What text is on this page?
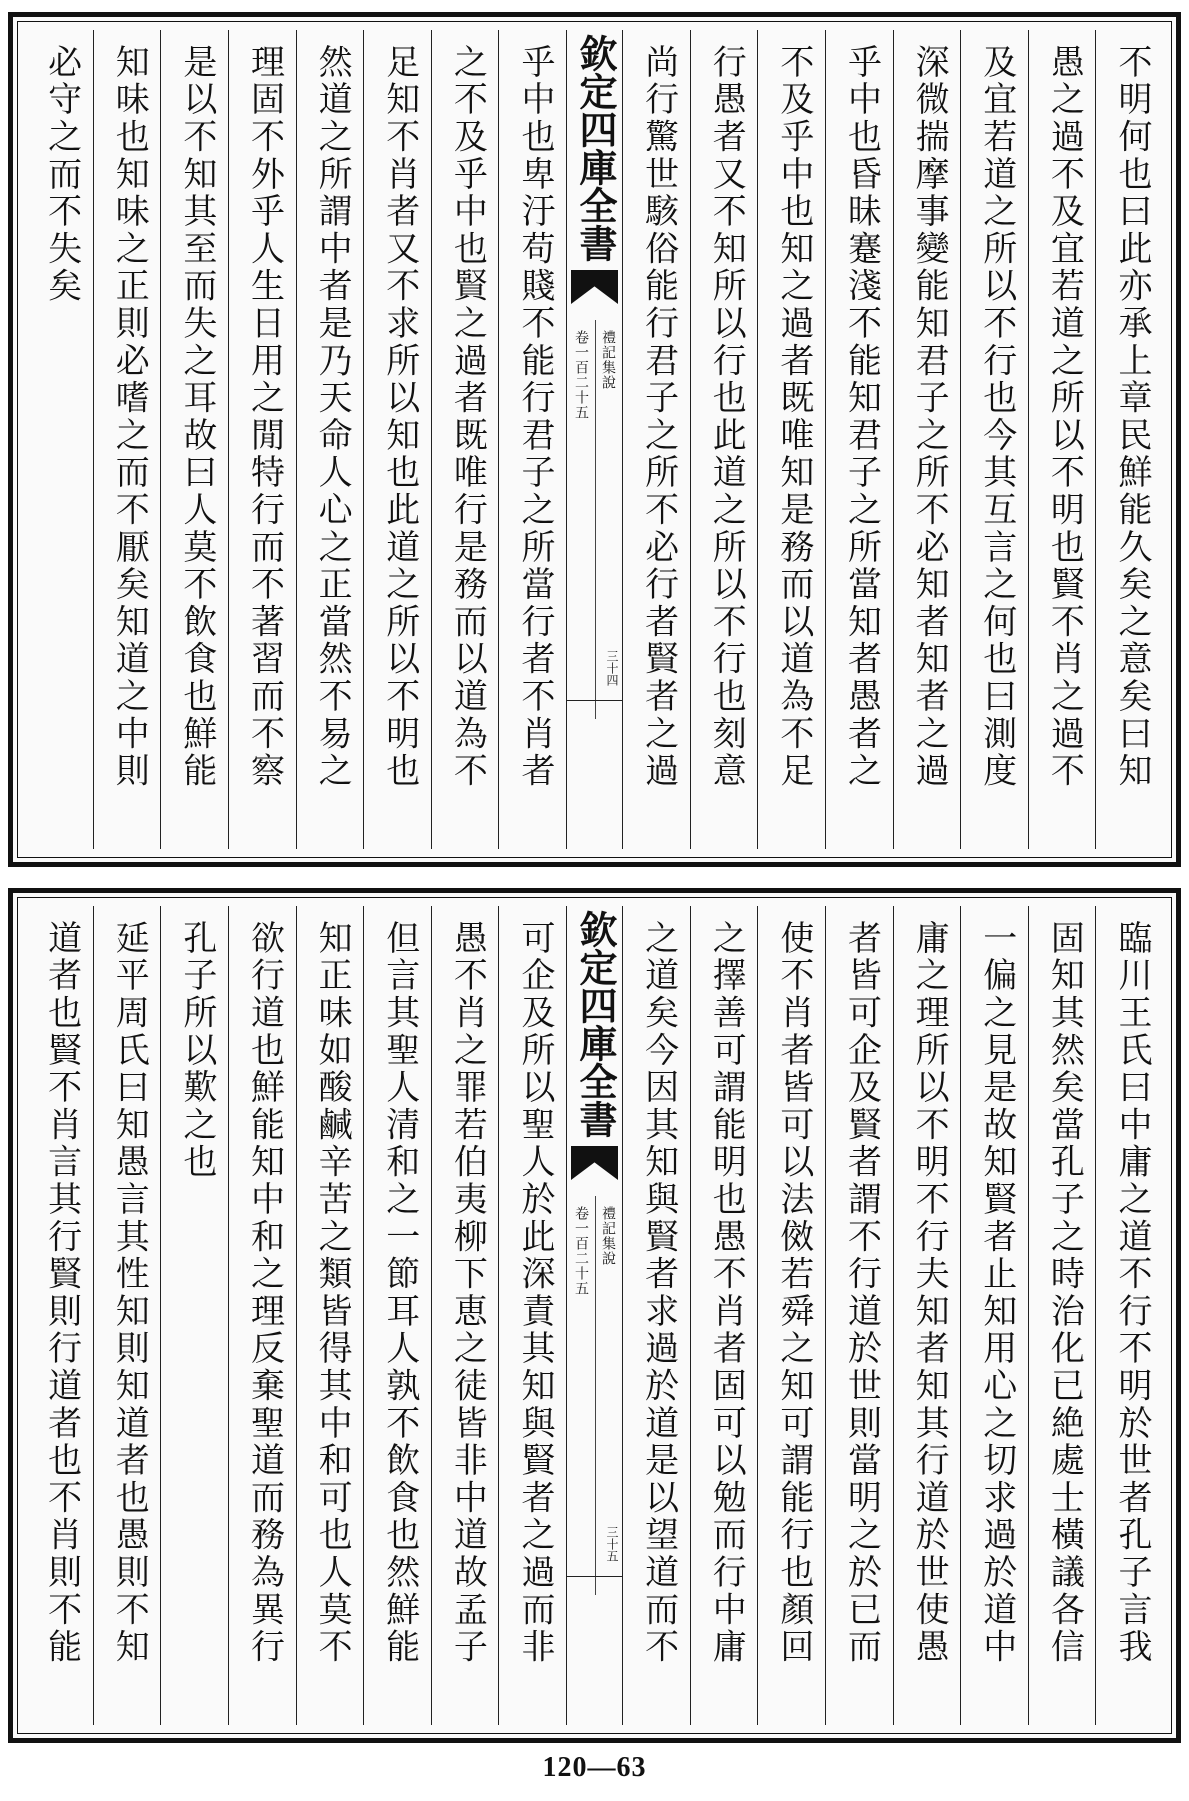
不明何也曰此亦承上章民鮮能久矣之意矣曰知
愚之過不及宜若道之所以不明也賢不肖之過不
及宜若道之所以不行也今其互言之何也曰測度
深微揣摩事變能知君子之所不必知者知者之過
乎中也昏昧蹇淺不能知君子之所當知者愚者之
不及乎中也知之過者既唯知是務而以道為不足
行愚者又不知所以行也此道之所以不行也刻意
尚行驚世駭俗能行君子之所不必行者賢者之過
欽定四庫全書
禮記集說
卷一百二十五
三十四
乎中也卑汙苟賤不能行君子之所當行者不肖者
之不及乎中也賢之過者既唯行是務而以道為不
足知不肖者又不求所以知也此道之所以不明也
然道之所謂中者是乃天命人心之正當然不易之
理固不外乎人生日用之閒特行而不著習而不察
是以不知其至而失之耳故曰人莫不飲食也鮮能
知味也知味之正則必嗜之而不厭矣知道之中則
必守之而不失矣
臨川王氏曰中庸之道不行不明於世者孔子言我
固知其然矣當孔子之時治化已絶處士橫議各信
一偏之見是故知賢者止知用心之切求過於道中
庸之理所以不明不行夫知者知其行道於世使愚
者皆可企及賢者謂不行道於世則當明之於已而
使不肖者皆可以法傚若舜之知可謂能行也顏回
之擇善可謂能明也愚不肖者固可以勉而行中庸
之道矣今因其知與賢者求過於道是以望道而不
欽定四庫全書
禮記集說
卷一百二十五
三十五
可企及所以聖人於此深責其知與賢者之過而非
愚不肖之罪若伯夷柳下恵之徒皆非中道故孟子
但言其聖人清和之一節耳人孰不飲食也然鮮能
知正味如酸鹹辛苦之類皆得其中和可也人莫不
欲行道也鮮能知中和之理反棄聖道而務為異行
孔子所以歎之也
延平周氏曰知愚言其性知則知道者也愚則不知
道者也賢不肖言其行賢則行道者也不肖則不能
120—63
